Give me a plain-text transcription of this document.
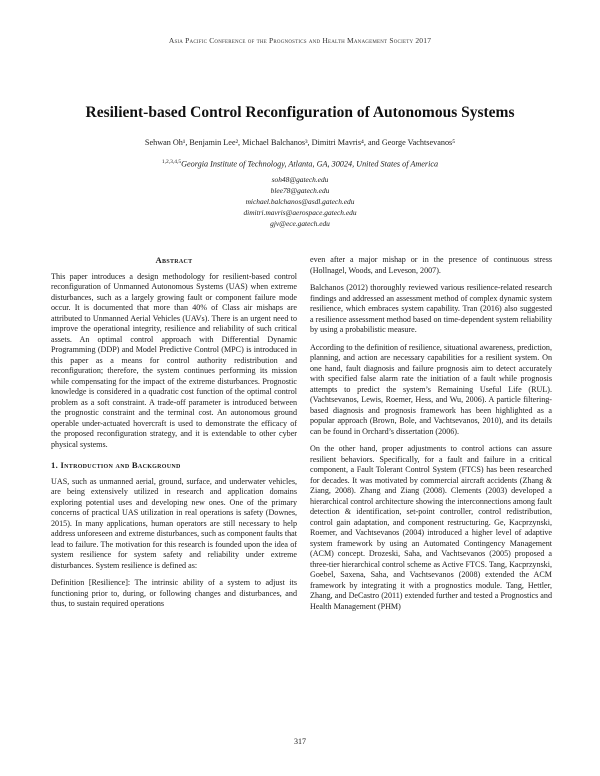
Asia Pacific Conference of the Prognostics and Health Management Society 2017
Resilient-based Control Reconfiguration of Autonomous Systems
Sehwan Oh¹, Benjamin Lee², Michael Balchanos³, Dimitri Mavris⁴, and George Vachtsevanos⁵
$^{1,2,3,4,5}$Georgia Institute of Technology, Atlanta, GA, 30024, United States of America
soh48@gatech.edu
blee78@gatech.edu
michael.balchanos@asdl.gatech.edu
dimitri.mavris@aerospace.gatech.edu
gjv@ece.gatech.edu
Abstract

This paper introduces a design methodology for resilient-based control reconfiguration of Unmanned Autonomous Systems (UAS) when extreme disturbances, such as a largely growing fault or component failure mode occur. It is documented that more than 40% of Class air mishaps are attributed to Unmanned Aerial Vehicles (UAVs). There is an urgent need to improve the operational integrity, resilience and reliability of such critical assets. An optimal control approach with Differential Dynamic Programming (DDP) and Model Predictive Control (MPC) is introduced in this paper as a means for control authority redistribution and reconfiguration; therefore, the system continues performing its mission while compensating for the impact of the extreme disturbances. Prognostic knowledge is considered in a quadratic cost function of the optimal control problem as a soft constraint. A trade-off parameter is introduced between the prognostic constraint and the terminal cost. An autonomous ground operable under-actuated hovercraft is used to demonstrate the efficacy of the proposed reconfiguration strategy, and it is extendable to other cyber physical systems.

1. Introduction and Background

UAS, such as unmanned aerial, ground, surface, and underwater vehicles, are being extensively utilized in research and application domains exploring potential uses and developing new ones. One of the primary concerns of practical UAS utilization in real operations is safety (Downes, 2015). In many applications, human operators are still necessary to help address unforeseen and extreme disturbances, such as component faults that lead to failure. The motivation for this research is founded upon the idea of system resilience for system safety and reliability under extreme disturbances. System resilience is defined as:

Definition [Resilience]: The intrinsic ability of a system to adjust its functioning prior to, during, or following changes and disturbances, and thus, to sustain required operations

even after a major mishap or in the presence of continuous stress (Hollnagel, Woods, and Leveson, 2007).

Balchanos (2012) thoroughly reviewed various resilience-related research findings and addressed an assessment method of complex dynamic system resilience, which embraces system capability. Tran (2016) also suggested a resilience assessment method based on time-dependent system reliability by using a probabilistic measure.

According to the definition of resilience, situational awareness, prediction, planning, and action are necessary capabilities for a resilient system. On one hand, fault diagnosis and failure prognosis aim to detect accurately with specified false alarm rate the initiation of a fault while prognosis attempts to predict the system’s Remaining Useful Life (RUL). (Vachtsevanos, Lewis, Roemer, Hess, and Wu, 2006). A particle filtering-based diagnosis and prognosis framework has been highlighted as a popular approach (Brown, Bole, and Vachtsevanos, 2010), and its details can be found in Orchard’s dissertation (2006).

On the other hand, proper adjustments to control actions can assure resilient behaviors. Specifically, for a fault and failure in a critical component, a Fault Tolerant Control System (FTCS) has been researched for decades. It was motivated by commercial aircraft accidents (Zhang & Ziang, 2008). Zhang and Ziang (2008). Clements (2003) developed a hierarchical control architecture showing the interconnections among fault detection & identification, set-point controller, control redistribution, control gain adaptation, and component restructuring. Ge, Kacprzynski, Roemer, and Vachtsevanos (2004) introduced a higher level of adaptive system framework by using an Automated Contingency Management (ACM) concept. Drozeski, Saha, and Vachtsevanos (2005) proposed a three-tier hierarchical control scheme as Active FTCS. Tang, Kacprzynski, Goebel, Saxena, Saha, and Vachtsevanos (2008) extended the ACM framework by integrating it with a prognostics module. Tang, Hettler, Zhang, and DeCastro (2011) extended further and tested a Prognostics and Health Management (PHM)

317
